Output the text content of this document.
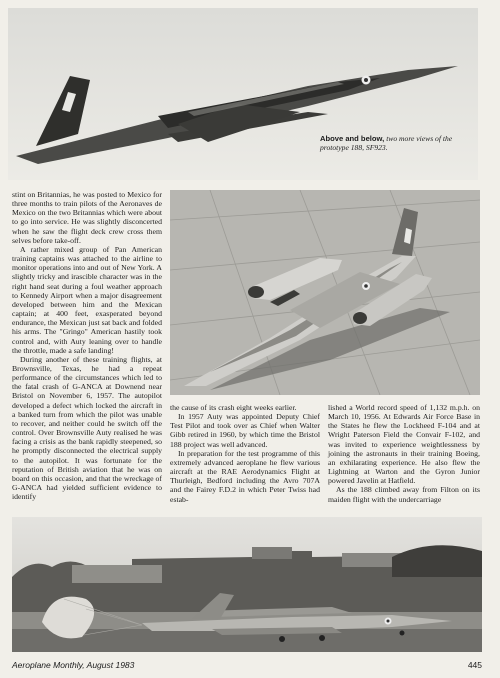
Above and below, two more views of the prototype 188, SF923.

stint on Britannias, he was posted to Mexico for three months to train pilots of the Aeronaves de Mexico on the two Britannias which were about to go into service. He was slightly disconcerted when he saw the flight deck crew cross them selves before take-off.

A rather mixed group of Pan American training captains was attached to the airline to monitor operations into and out of New York. A slightly tricky and irascible character was in the right hand seat during a foul weather approach to Kennedy Airport when a major disagreement developed between him and the Mexican captain; at 400 feet, exasperated beyond endurance, the Mexican just sat back and folded his arms. The "Gringo" American hastily took control and, with Auty leaning over to handle the throttle, made a safe landing!

During another of these training flights, at Brownsville, Texas, he had a repeat performance of the circumstances which led to the fatal crash of G-ANCA at Downend near Bristol on November 6, 1957. The autopilot developed a defect which locked the aircraft in a banked turn from which the pilot was unable to recover, and neither could he switch off the control. Over Brownsville Auty realised he was facing a crisis as the bank rapidly steepened, so he promptly disconnected the electrical supply to the autopilot. It was fortunate for the reputation of British aviation that he was on board on this occasion, and that the wreckage of G-ANCA had yielded sufficient evidence to identify

the cause of its crash eight weeks earlier.

In 1957 Auty was appointed Deputy Chief Test Pilot and took over as Chief when Walter Gibb retired in 1960, by which time the Bristol 188 project was well advanced.

In preparation for the test programme of this extremely advanced aeroplane he flew various aircraft at the RAE Aerodynamics Flight at Thurleigh, Bedford including the Avro 707A and the Fairey F.D.2 in which Peter Twiss had estab-

lished a World record speed of 1,132 m.p.h. on March 10, 1956. At Edwards Air Force Base in the States he flew the Lockheed F-104 and at Wright Paterson Field the Convair F-102, and was invited to experience weightlessness by joining the astronauts in their training Boeing, an exhilarating experience. He also flew the Lightning at Warton and the Gyron Junior powered Javelin at Hatfield.

As the 188 climbed away from Filton on its maiden flight with the undercarriage

Aeroplane Monthly, August 1983	445
